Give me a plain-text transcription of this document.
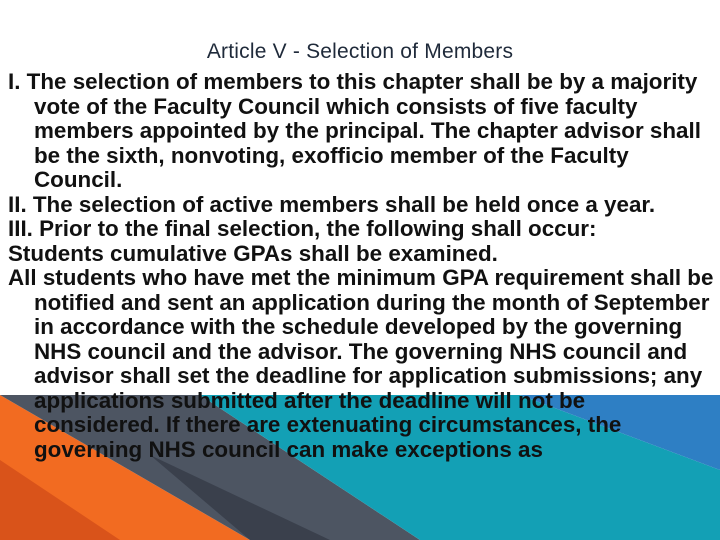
Article V - Selection of Members

I. The selection of members to this chapter shall be by a majority vote of the Faculty Council which consists of five faculty members appointed by the principal. The chapter advisor shall be the sixth, nonvoting, exofficio member of the Faculty Council.

II. The selection of active members shall be held once a year.

III. Prior to the final selection, the following shall occur:

Students cumulative GPAs shall be examined.

All students who have met the minimum GPA requirement shall be notified and sent an application during the month of September in accordance with the schedule developed by the governing NHS council and the advisor. The governing NHS council and advisor shall set the deadline for application submissions; any applications submitted after the deadline will not be considered. If there are extenuating circumstances, the governing NHS council can make exceptions as
